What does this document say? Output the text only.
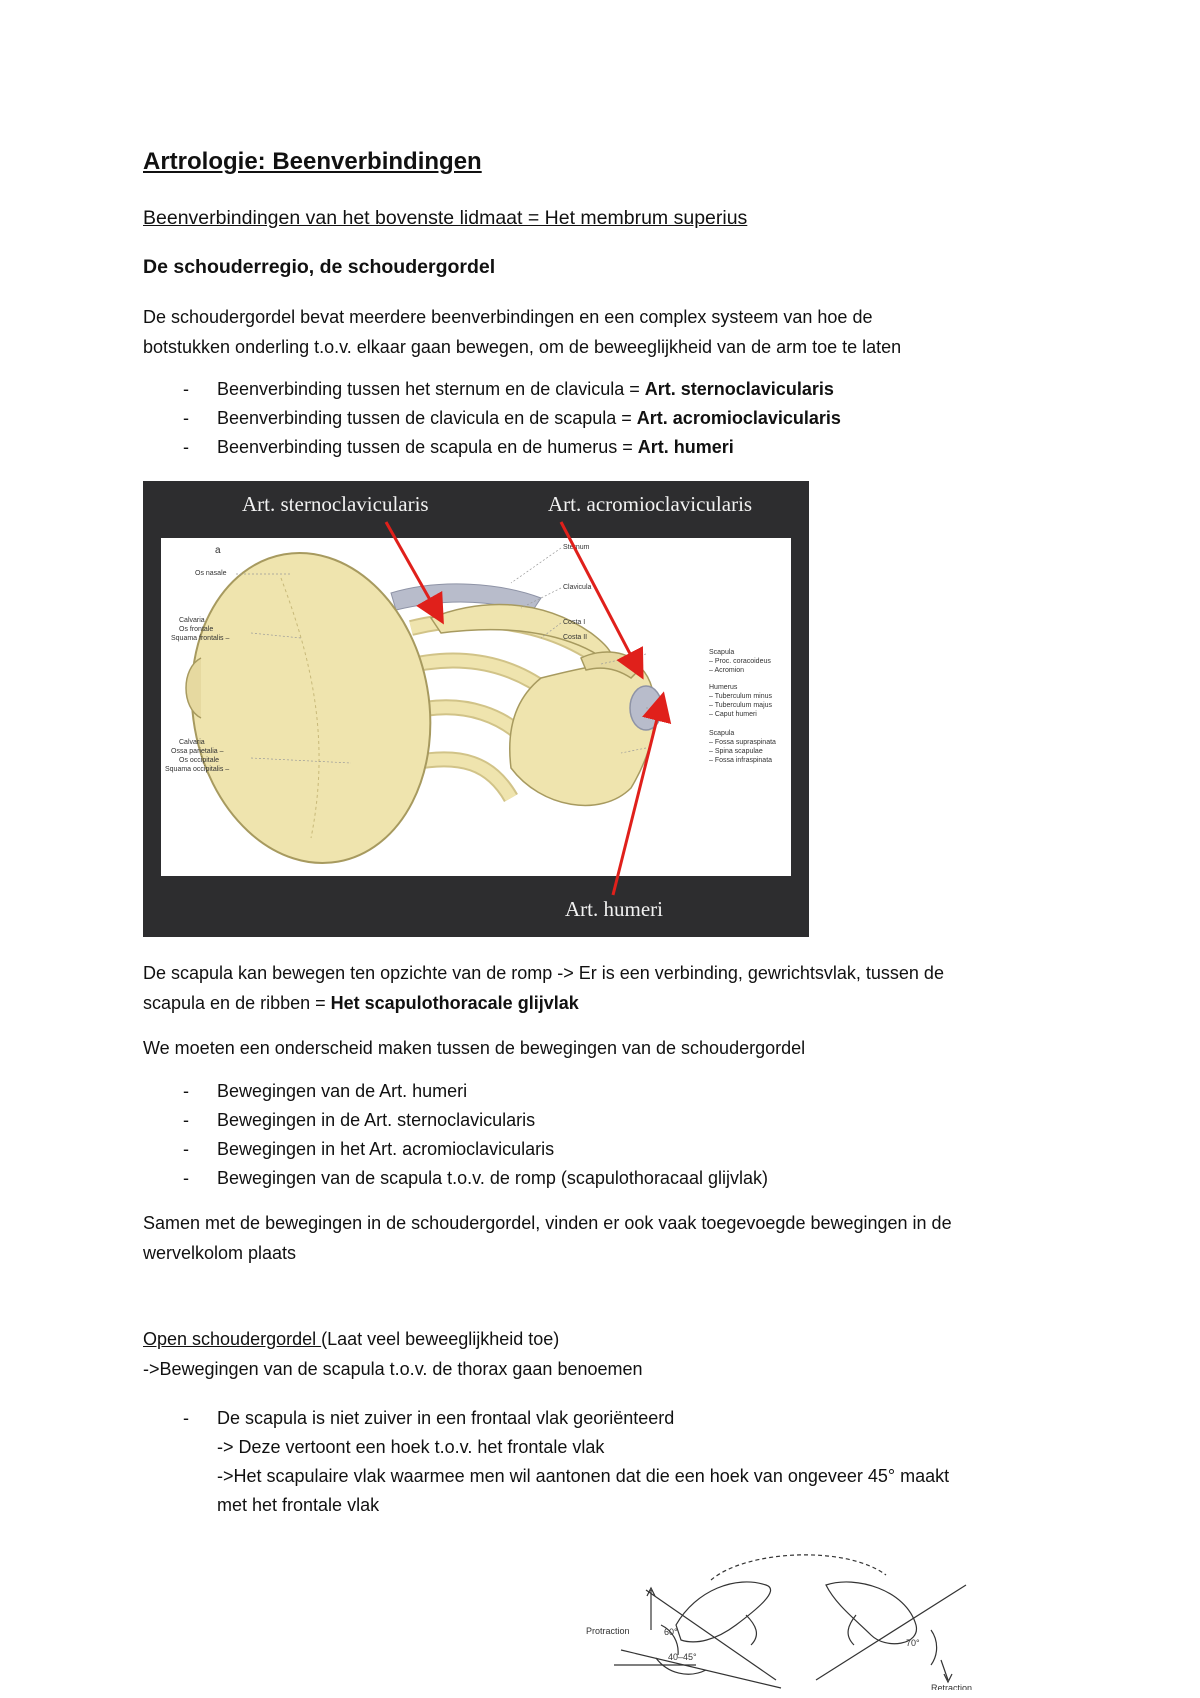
Artrologie: Beenverbindingen
Beenverbindingen van het bovenste lidmaat = Het membrum superius
De schouderregio, de schoudergordel
De schoudergordel bevat meerdere beenverbindingen en een complex systeem van hoe de
botstukken onderling t.o.v. elkaar gaan bewegen, om de beweeglijkheid van de arm toe te laten
- Beenverbinding tussen het sternum en de clavicula = Art. sternoclavicularis
- Beenverbinding tussen de clavicula en de scapula = Art. acromioclavicularis
- Beenverbinding tussen de scapula en de humerus = Art. humeri
Art. sternoclavicularis	Art. acromioclavicularis
Art. humeri
a
Os nasale
Calvaria
Os frontale
Squama frontalis –
Calvaria
Ossa parietalia –
Os occipitale
Squama occipitalis –
Sternum
Clavicula
Costa I
Costa II
Scapula
– Proc. coracoideus
– Acromion
Humerus
– Tuberculum minus
– Tuberculum majus
– Caput humeri
Scapula
– Fossa supraspinata
– Spina scapulae
– Fossa infraspinata
De scapula kan bewegen ten opzichte van de romp -> Er is een verbinding, gewrichtsvlak, tussen de
scapula en de ribben = Het scapulothoracale glijvlak
We moeten een onderscheid maken tussen de bewegingen van de schoudergordel
- Bewegingen van de Art. humeri
- Bewegingen in de Art. sternoclavicularis
- Bewegingen in het Art. acromioclavicularis
- Bewegingen van de scapula t.o.v. de romp (scapulothoracaal glijvlak)
Samen met de bewegingen in de schoudergordel, vinden er ook vaak toegevoegde bewegingen in de
wervelkolom plaats
Open schoudergordel (Laat veel beweeglijkheid toe)
->Bewegingen van de scapula t.o.v. de thorax gaan benoemen
- De scapula is niet zuiver in een frontaal vlak georiënteerd
-> Deze vertoont een hoek t.o.v. het frontale vlak
->Het scapulaire vlak waarmee men wil aantonen dat die een hoek van ongeveer 45° maakt
met het frontale vlak
Protraction
Retraction
60°
70°
40–45°
